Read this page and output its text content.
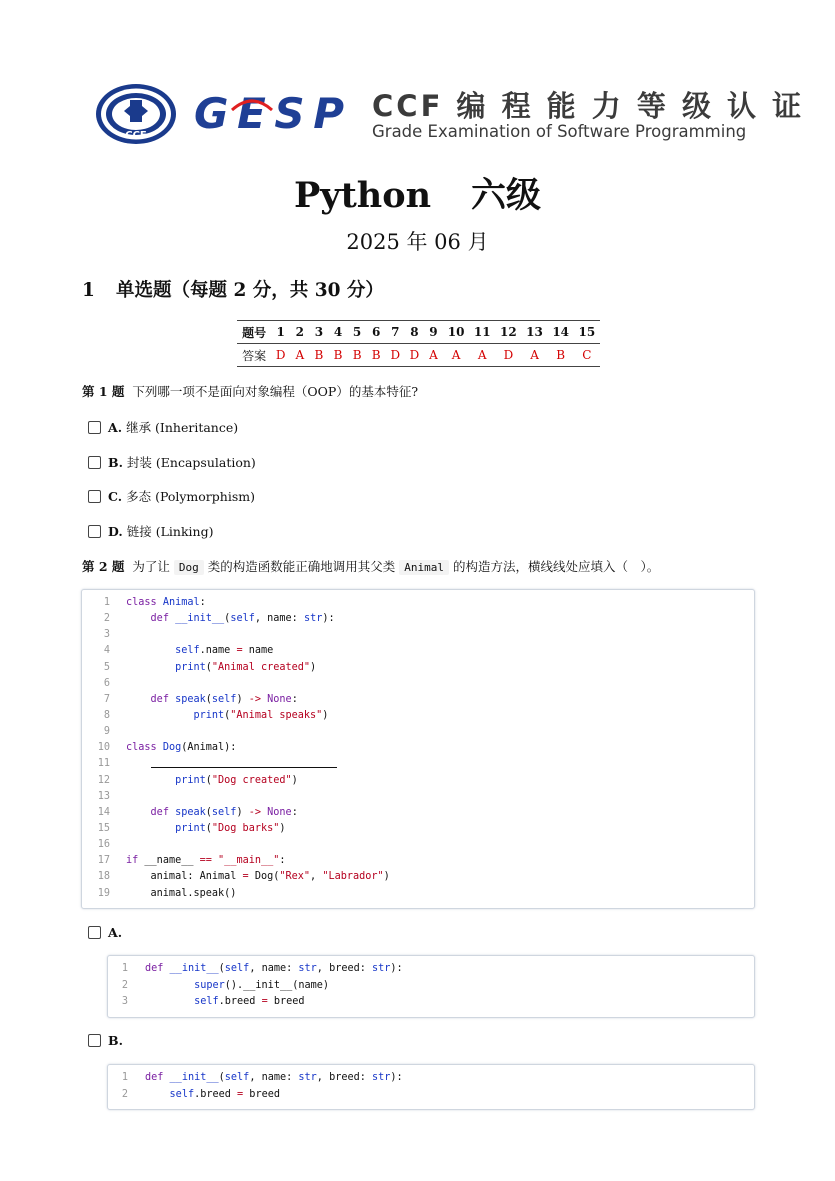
CCF GESP CCF 编 程 能 力 等 级 认 证
Grade Examination of Software Programming
Python 六级
2025 年 06 月
1 单选题（每题 2 分，共 30 分）
题号	1	2	3	4	5	6	7	8	9	10	11	12	13	14	15
答案	D	A	B	B	B	B	D	D	A	A	A	D	A	B	C
第 1 题 下列哪一项不是面向对象编程（OOP）的基本特征?
A. 继承 (Inheritance)
B. 封装 (Encapsulation)
C. 多态 (Polymorphism)
D. 链接 (Linking)
第 2 题 为了让 Dog 类的构造函数能正确地调用其父类 Animal 的构造方法，横线线处应填入（　）。
1 class Animal:
2	def __init__(self, name: str):
3
4	self.name = name
5	print("Animal created")
6
7	def speak(self) -> None:
8	print("Animal speaks")
9
10 class Dog(Animal):
11

12	print("Dog created")
13
14	def speak(self) -> None:
15	print("Dog barks")
16
17 if __name__ == "__main__":
18 animal: Animal = Dog("Rex", "Labrador")
19 animal.speak()
A.
1 def __init__(self, name: str, breed: str):
2	super().__init__(name)
3	self.breed = breed
B.
1 def __init__(self, name: str, breed: str):
2	self.breed = breed
